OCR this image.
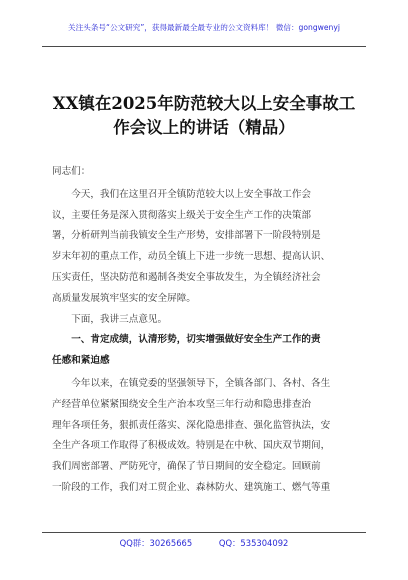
关注头条号“公文研究”，获得最新最全最专业的公文资料库！ 微信：gongwenyj
XX镇在2025年防范较大以上安全事故工
作会议上的讲话（精品）
同志们：
今天，我们在这里召开全镇防范较大以上安全事故工作会
议，主要任务是深入贯彻落实上级关于安全生产工作的决策部
署，分析研判当前我镇安全生产形势，安排部署下一阶段特别是
岁末年初的重点工作，动员全镇上下进一步统一思想、提高认识、
压实责任，坚决防范和遏制各类安全事故发生，为全镇经济社会
高质量发展筑牢坚实的安全屏障。
下面，我讲三点意见。
一、肯定成绩，认清形势，切实增强做好安全生产工作的责
任感和紧迫感
今年以来，在镇党委的坚强领导下，全镇各部门、各村、各生
产经营单位紧紧围绕安全生产治本攻坚三年行动和隐患排查治
理年各项任务，狠抓责任落实、深化隐患排查、强化监管执法，安
全生产各项工作取得了积极成效。特别是在中秋、国庆双节期间，
我们周密部署、严防死守，确保了节日期间的安全稳定。回顾前
一阶段的工作，我们对工贸企业、森林防火、建筑施工、燃气等重
QQ群：30265665	QQ：535304092
